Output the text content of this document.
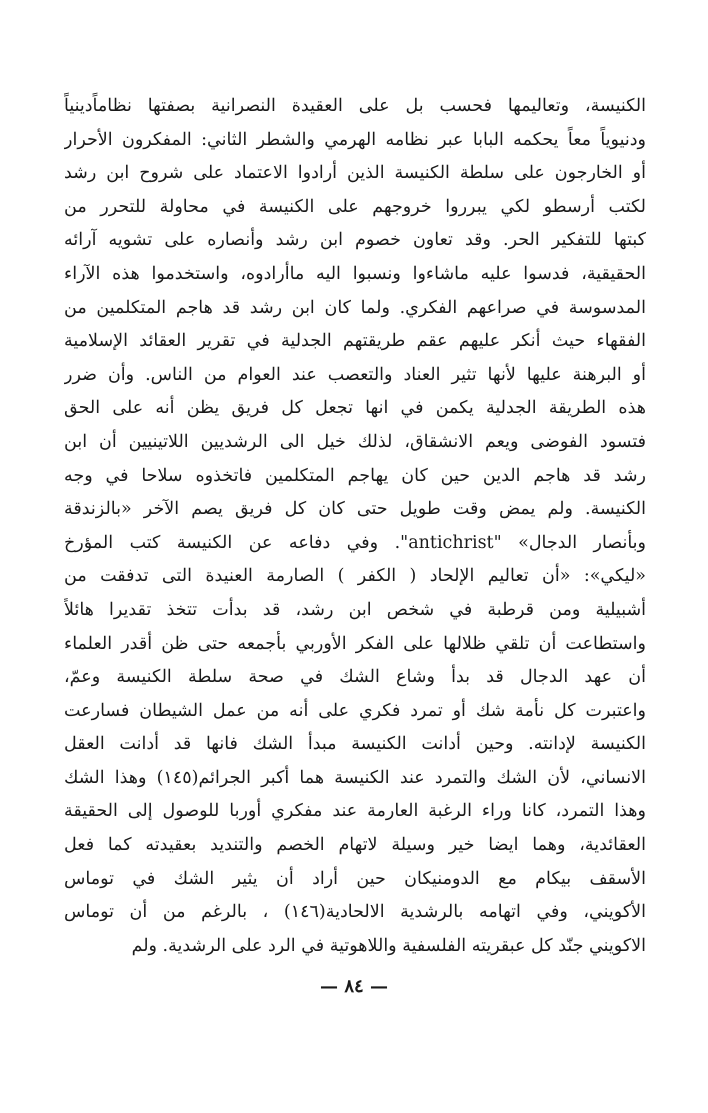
الكنيسة، وتعاليمها فحسب بل على العقيدة النصرانية بصفتها نظاماًدينياً
ودنيوياً معاً يحكمه البابا عبر نظامه الهرمي والشطر الثاني: المفكرون الأحرار
أو الخارجون على سلطة الكنيسة الذين أرادوا الاعتماد على شروح ابن رشد
لكتب أرسطو لكي يبرروا خروجهم على الكنيسة في محاولة للتحرر من
كبتها للتفكير الحر. وقد تعاون خصوم ابن رشد وأنصاره على تشويه آرائه
الحقيقية، فدسوا عليه ماشاءوا ونسبوا اليه ماأرادوه، واستخدموا هذه الآراء
المدسوسة في صراعهم الفكري. ولما كان ابن رشد قد هاجم المتكلمين من
الفقهاء حيث أنكر عليهم عقم طريقتهم الجدلية في تقرير العقائد الإسلامية
أو البرهنة عليها لأنها تثير العناد والتعصب عند العوام من الناس. وأن ضرر
هذه الطريقة الجدلية يكمن في انها تجعل كل فريق يظن أنه على الحق
فتسود الفوضى ويعم الانشقاق، لذلك خيل الى الرشديين اللاتينيين أن ابن
رشد قد هاجم الدين حين كان يهاجم المتكلمين فاتخذوه سلاحا في وجه
الكنيسة. ولم يمض وقت طويل حتى كان كل فريق يصم الآخر «بالزندقة
وبأنصار الدجال» "antichrist". وفي دفاعه عن الكنيسة كتب المؤرخ
«ليكي»: «أن تعاليم الإلحاد ( الكفر ) الصارمة العنيدة التى تدفقت من
أشبيلية ومن قرطبة في شخص ابن رشد، قد بدأت تتخذ تقديرا هائلاً
واستطاعت أن تلقي ظلالها على الفكر الأوربي بأجمعه حتى ظن أقدر العلماء
أن عهد الدجال قد بدأ وشاع الشك في صحة سلطة الكنيسة وعمّ،
واعتبرت كل نأمة شك أو تمرد فكري على أنه من عمل الشيطان فسارعت
الكنيسة لإدانته. وحين أدانت الكنيسة مبدأ الشك فانها قد أدانت العقل
الانساني، لأن الشك والتمرد عند الكنيسة هما أكبر الجرائم(١٤٥) وهذا الشك
وهذا التمرد، كانا وراء الرغبة العارمة عند مفكري أوربا للوصول إلى الحقيقة
العقائدية، وهما ايضا خير وسيلة لاتهام الخصم والتنديد بعقيدته كما فعل
الأسقف بيكام مع الدومنيكان حين أراد أن يثير الشك في توماس
الأكويني، وفي اتهامه بالرشدية الالحادية(١٤٦) ، بالرغم من أن توماس
الاكويني جنّد كل عبقريته الفلسفية واللاهوتية في الرد على الرشدية. ولم
— ٨٤ —
